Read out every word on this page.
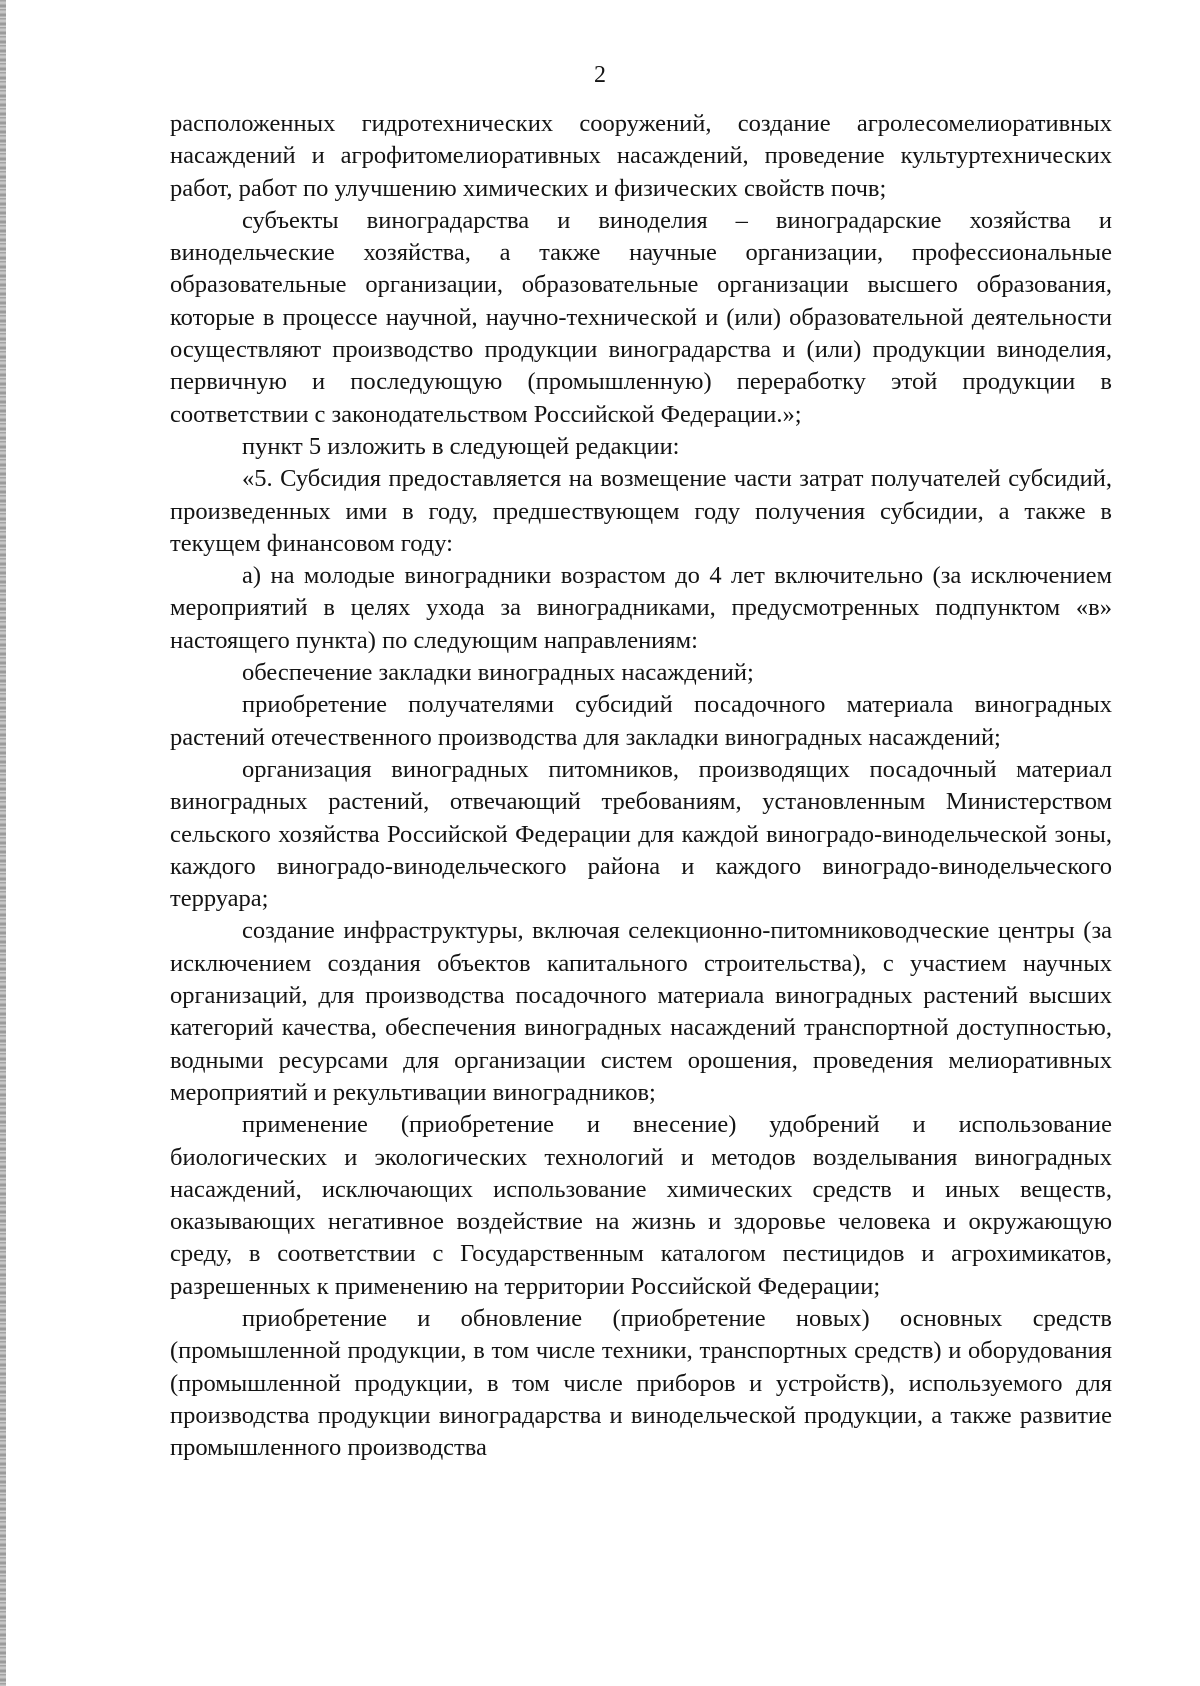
2

расположенных гидротехнических сооружений, создание агролесомелиоративных насаждений и агрофитомелиоративных насаждений, проведение культуртехнических работ, работ по улучшению химических и физических свойств почв;

субъекты виноградарства и виноделия – виноградарские хозяйства и винодельческие хозяйства, а также научные организации, профессиональные образовательные организации, образовательные организации высшего образования, которые в процессе научной, научно-технической и (или) образовательной деятельности осуществляют производство продукции виноградарства и (или) продукции виноделия, первичную и последующую (промышленную) переработку этой продукции в соответствии с законодательством Российской Федерации.»;

пункт 5 изложить в следующей редакции:

«5. Субсидия предоставляется на возмещение части затрат получателей субсидий, произведенных ими в году, предшествующем году получения субсидии, а также в текущем финансовом году:

а) на молодые виноградники возрастом до 4 лет включительно (за исключением мероприятий в целях ухода за виноградниками, предусмотренных подпунктом «в» настоящего пункта) по следующим направлениям:

обеспечение закладки виноградных насаждений;

приобретение получателями субсидий посадочного материала виноградных растений отечественного производства для закладки виноградных насаждений;

организация виноградных питомников, производящих посадочный материал виноградных растений, отвечающий требованиям, установленным Министерством сельского хозяйства Российской Федерации для каждой виноградо-винодельческой зоны, каждого виноградо-винодельческого района и каждого виноградо-винодельческого терруара;

создание инфраструктуры, включая селекционно-питомниководческие центры (за исключением создания объектов капитального строительства), с участием научных организаций, для производства посадочного материала виноградных растений высших категорий качества, обеспечения виноградных насаждений транспортной доступностью, водными ресурсами для организации систем орошения, проведения мелиоративных мероприятий и рекультивации виноградников;

применение (приобретение и внесение) удобрений и использование биологических и экологических технологий и методов возделывания виноградных насаждений, исключающих использование химических средств и иных веществ, оказывающих негативное воздействие на жизнь и здоровье человека и окружающую среду, в соответствии с Государственным каталогом пестицидов и агрохимикатов, разрешенных к применению на территории Российской Федерации;

приобретение и обновление (приобретение новых) основных средств (промышленной продукции, в том числе техники, транспортных средств) и оборудования (промышленной продукции, в том числе приборов и устройств), используемого для производства продукции виноградарства и винодельческой продукции, а также развитие промышленного производства
